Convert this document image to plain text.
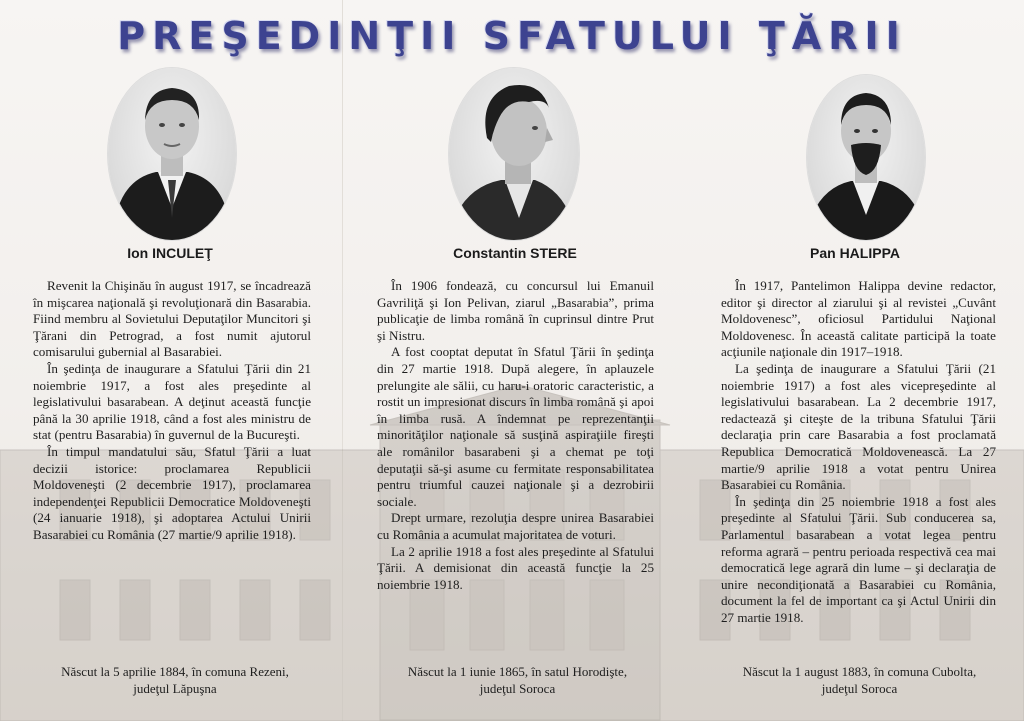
PREŞEDINŢII SFATULUI ŢĂRII
Ion INCULEŢ	Constantin STERE	Pan HALIPPA

Revenit la Chişinău în august 1917, se încadrează în mişcarea naţională şi revoluţionară din Basarabia. Fiind membru al Sovietului Deputaţilor Muncitori şi Ţărani din Petrograd, a fost numit ajutorul comisarului gubernial al Basarabiei.

În şedinţa de inaugurare a Sfatului Ţării din 21 noiembrie 1917, a fost ales preşedinte al legislativului basarabean. A deţinut această funcţie până la 30 aprilie 1918, când a fost ales ministru de stat (pentru Basarabia) în guvernul de la Bucureşti.

În timpul mandatului său, Sfatul Ţării a luat decizii istorice: proclamarea Republicii Moldoveneşti (2 decembrie 1917), proclamarea independenţei Republicii Democratice Moldoveneşti (24 ianuarie 1918), şi adoptarea Actului Unirii Basarabiei cu România (27 martie/9 aprilie 1918).

În 1906 fondează, cu concursul lui Emanuil Gavriliţă şi Ion Pelivan, ziarul „Basarabia”, prima publicaţie de limba română în cuprinsul dintre Prut şi Nistru.

A fost cooptat deputat în Sfatul Ţării în şedinţa din 27 martie 1918. După alegere, în aplauzele prelungite ale sălii, cu haru-i oratoric caracteristic, a rostit un impresionat discurs în limba română şi apoi în limba rusă. A îndemnat pe reprezentanţii minorităţilor naţionale să susţină aspiraţiile fireşti ale românilor basarabeni şi a chemat pe toţi deputaţii să-şi asume cu fermitate responsabilitatea pentru triumful cauzei naţionale şi a dezrobirii sociale.

Drept urmare, rezoluţia despre unirea Basarabiei cu România a acumulat majoritatea de voturi.

La 2 aprilie 1918 a fost ales preşedinte al Sfatului Ţării. A demisionat din această funcţie la 25 noiembrie 1918.

În 1917, Pantelimon Halippa devine redactor, editor şi director al ziarului şi al revistei „Cuvânt Moldovenesc”, oficiosul Partidului Naţional Moldovenesc. În această calitate participă la toate acţiunile naţionale din 1917–1918.

La şedinţa de inaugurare a Sfatului Ţării (21 noiembrie 1917) a fost ales vicepreşedinte al legislativului basarabean. La 2 decembrie 1917, redactează şi citeşte de la tribuna Sfatului Ţării declaraţia prin care Basarabia a fost proclamată Republica Democratică Moldovenească. La 27 martie/9 aprilie 1918 a votat pentru Unirea Basarabiei cu România.

În şedinţa din 25 noiembrie 1918 a fost ales preşedinte al Sfatului Ţării. Sub conducerea sa, Parlamentul basarabean a votat legea pentru reforma agrară – pentru perioada respectivă cea mai democratică lege agrară din lume – şi declaraţia de unire necondiţionată a Basarabiei cu România, document la fel de important ca şi Actul Unirii din 27 martie 1918.

Născut la 5 aprilie 1884, în comuna Rezeni,
judeţul Lăpuşna
Născut la 1 iunie 1865, în satul Horodişte,
judeţul Soroca
Născut la 1 august 1883, în comuna Cubolta,
judeţul Soroca
